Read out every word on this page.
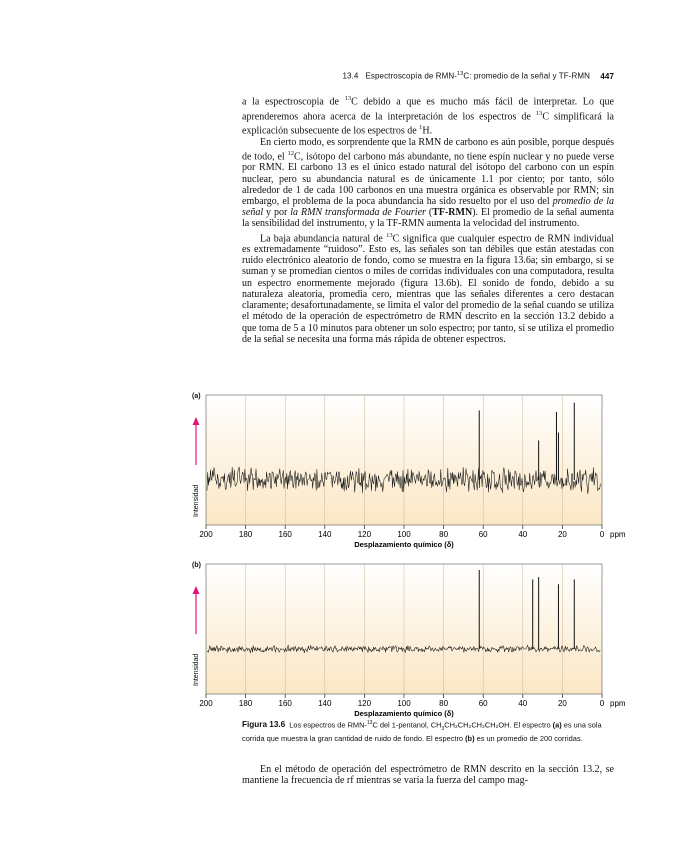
13.4 Espectroscopía de RMN-$^{13}$C: promedio de la señal y TF-RMN 447

a la espectroscopia de $^{13}$C debido a que es mucho más fácil de interpretar. Lo que aprenderemos ahora acerca de la interpretación de los espectros de $^{13}$C simplificará la explicación subsecuente de los espectros de $^1$H.

En cierto modo, es sorprendente que la RMN de carbono es aún posible, porque después de todo, el $^{12}$C, isótopo del carbono más abundante, no tiene espín nuclear y no puede verse por RMN. El carbono 13 es el único estado natural del isótopo del carbono con un espín nuclear, pero su abundancia natural es de únicamente 1.1 por ciento; por tanto, sólo alrededor de 1 de cada 100 carbonos en una muestra orgánica es observable por RMN; sin embargo, el problema de la poca abundancia ha sido resuelto por el uso del promedio de la señal y por la RMN transformada de Fourier (TF-RMN). El promedio de la señal aumenta la sensibilidad del instrumento, y la TF-RMN aumenta la velocidad del instrumento.

La baja abundancia natural de $^{13}$C significa que cualquier espectro de RMN individual es extremadamente “ruidoso”. Esto es, las señales son tan débiles que están atestadas con ruido electrónico aleatorio de fondo, como se muestra en la figura 13.6a; sin embargo, si se suman y se promedian cientos o miles de corridas individuales con una computadora, resulta un espectro enormemente mejorado (figura 13.6b). El sonido de fondo, debido a su naturaleza aleatoria, promedia cero, mientras que las señales diferentes a cero destacan claramente; desafortunadamente, se limita el valor del promedio de la señal cuando se utiliza el método de la operación de espectrómetro de RMN descrito en la sección 13.2 debido a que toma de 5 a 10 minutos para obtener un solo espectro; por tanto, si se utiliza el promedio de la señal se necesita una forma más rápida de obtener espectros.

(a)
200	180	160	140	120	100	80	60	40	20	0 ppm
Desplazamiento químico (δ)
Intensidad
(b)
200	180	160	140	120	100	80	60	40	20	0 ppm
Desplazamiento químico (δ)
Intensidad
Figura 13.6 Los espectros de RMN-$^{13}$C del 1-pentanol, $CH_3CH_2CH_2CH_2CH_2OH$. El espectro (a) es una sola corrida que muestra la gran cantidad de ruido de fondo. El espectro (b) es un promedio de 200 corridas.

En el método de operación del espectrómetro de RMN descrito en la sección 13.2, se mantiene la frecuencia de rf mientras se varía la fuerza del campo mag-
